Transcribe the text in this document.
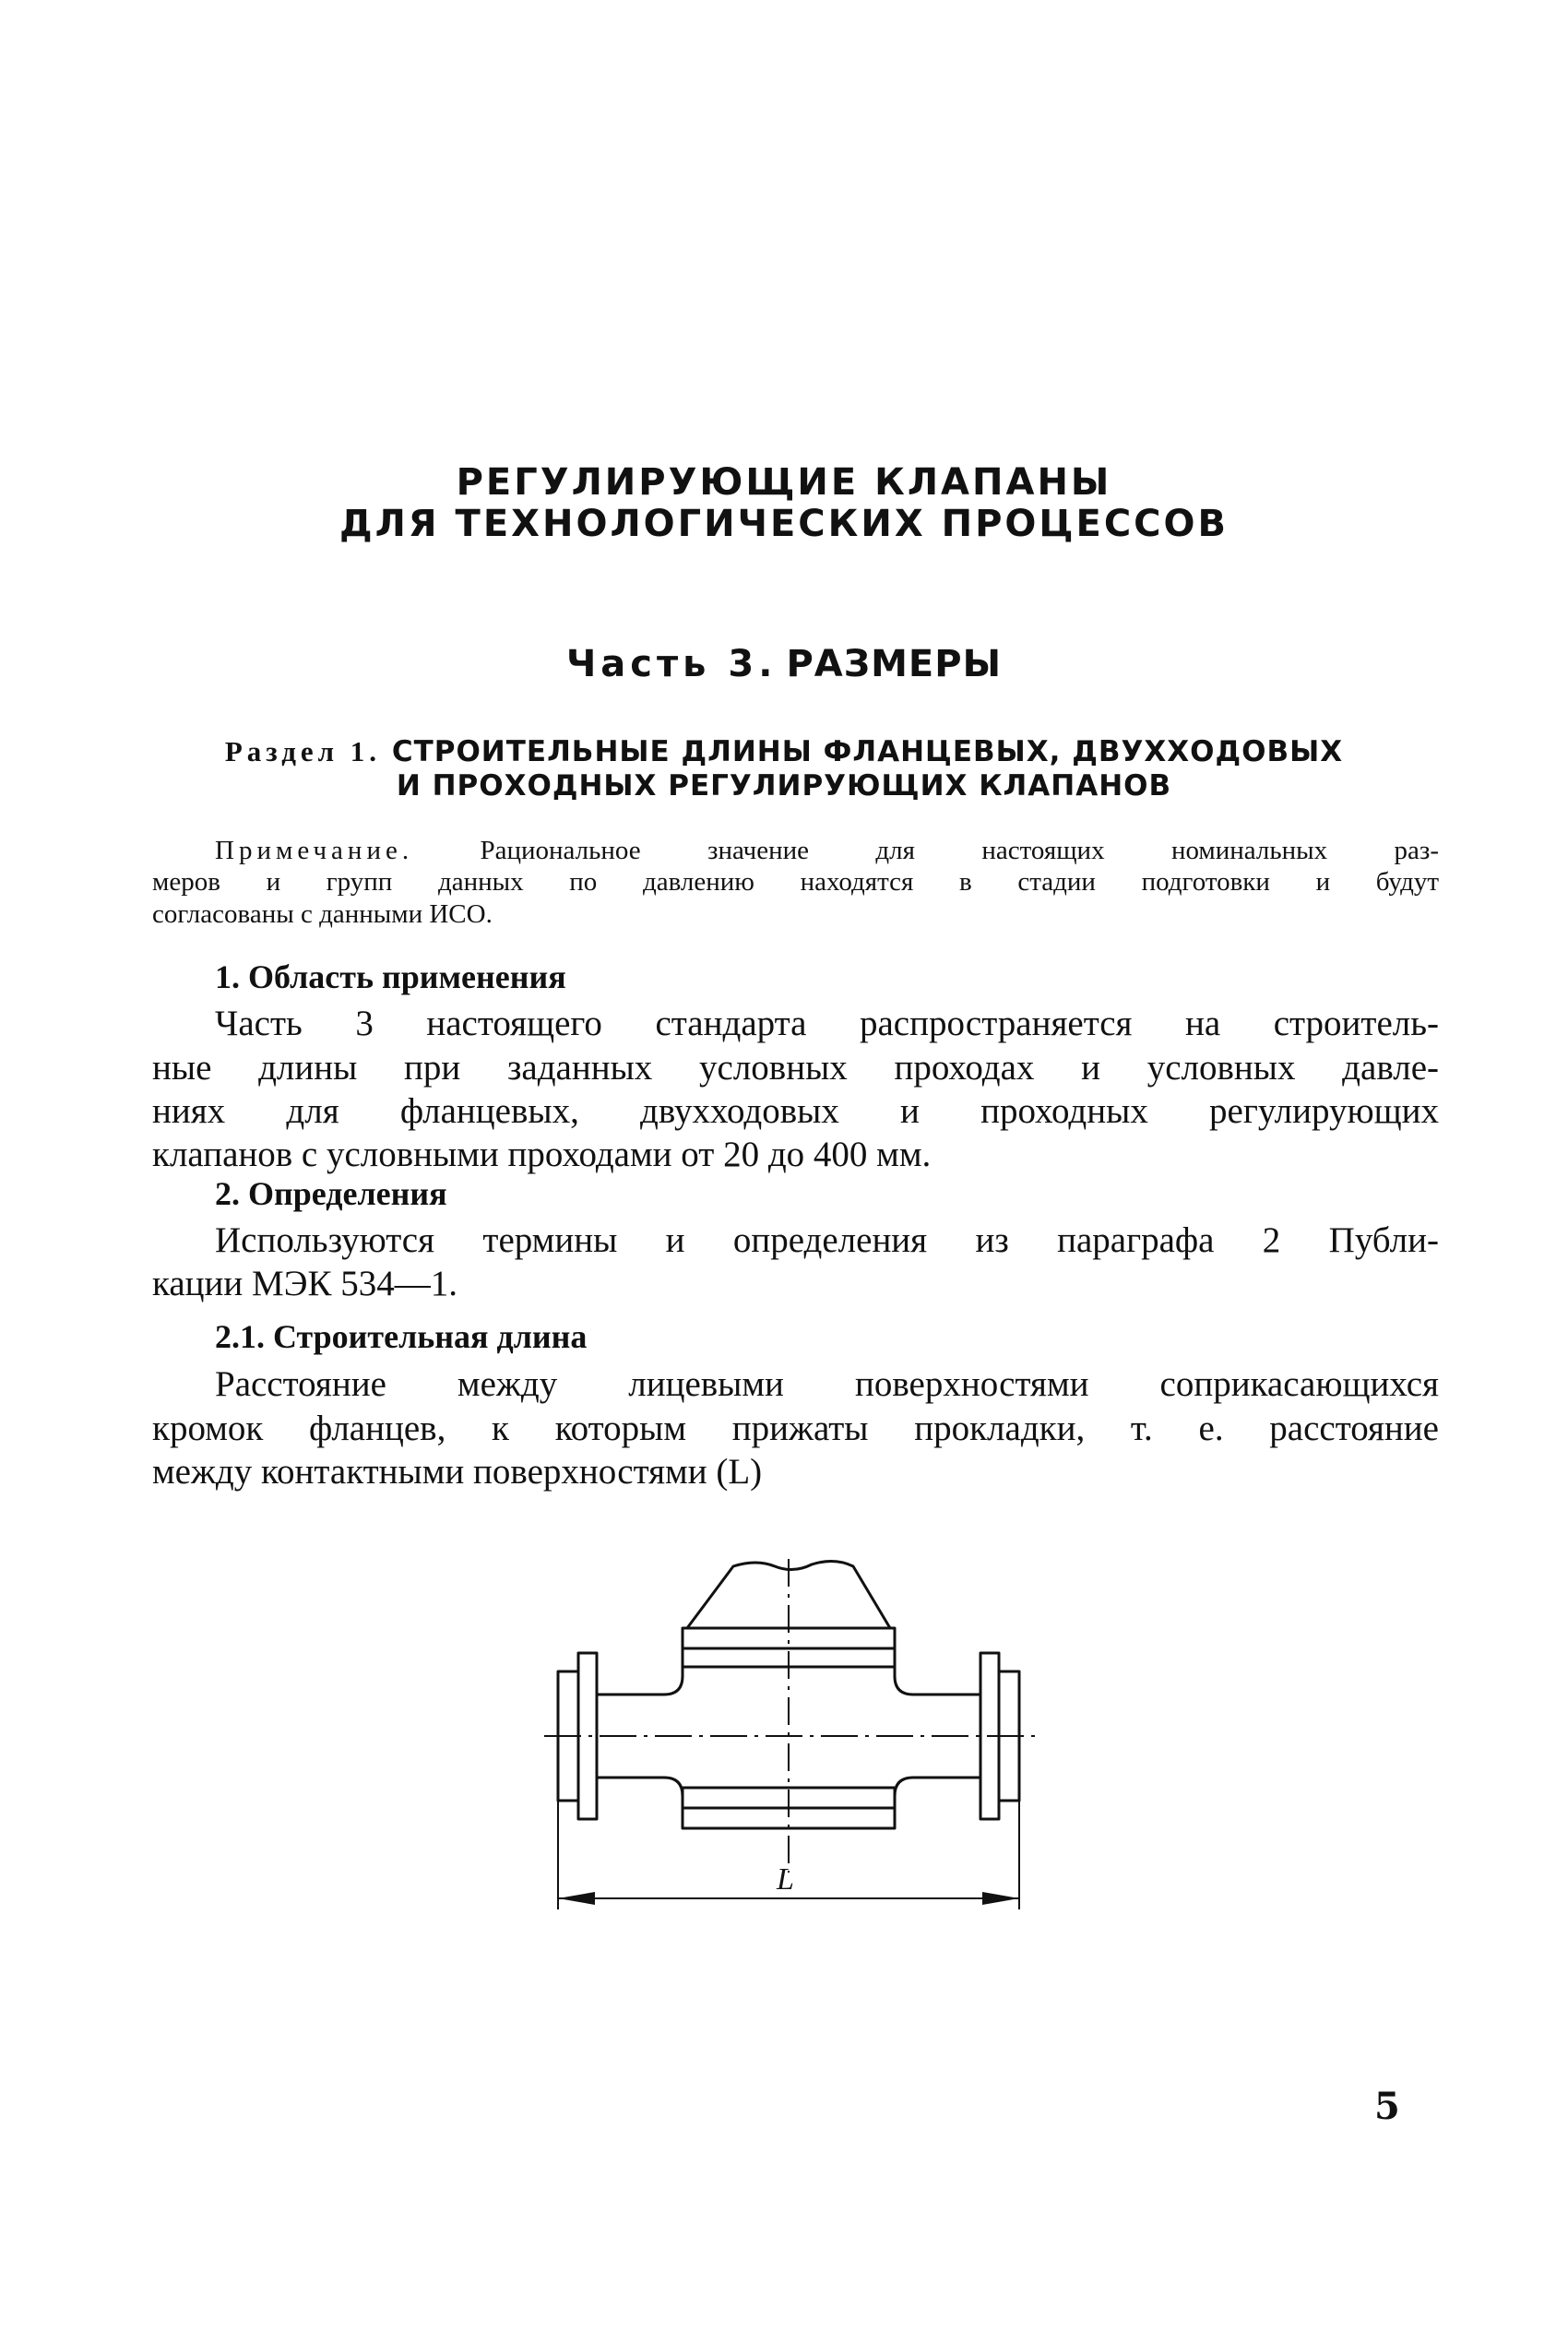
РЕГУЛИРУЮЩИЕ КЛАПАНЫ
ДЛЯ ТЕХНОЛОГИЧЕСКИХ ПРОЦЕССОВ
Часть 3. РАЗМЕРЫ
Раздел 1. СТРОИТЕЛЬНЫЕ ДЛИНЫ ФЛАНЦЕВЫХ, ДВУХХОДОВЫХ
И ПРОХОДНЫХ РЕГУЛИРУЮЩИХ КЛАПАНОВ
Примечание. Рациональное значение для настоящих номинальных раз-
меров и групп данных по давлению находятся в стадии подготовки и будут
согласованы с данными ИСО.
1. Область применения
Часть 3 настоящего стандарта распространяется на строитель-
ные длины при заданных условных проходах и условных давле-
ниях для фланцевых, двухходовых и проходных регулирующих
клапанов с условными проходами от 20 до 400 мм.
2. Определения
Используются термины и определения из параграфа 2 Публи-
кации МЭК 534—1.
2.1. Строительная длина
Расстояние между лицевыми поверхностями соприкасающихся
кромок фланцев, к которым прижаты прокладки, т. е. расстояние
между контактными поверхностями (L)
L
5
